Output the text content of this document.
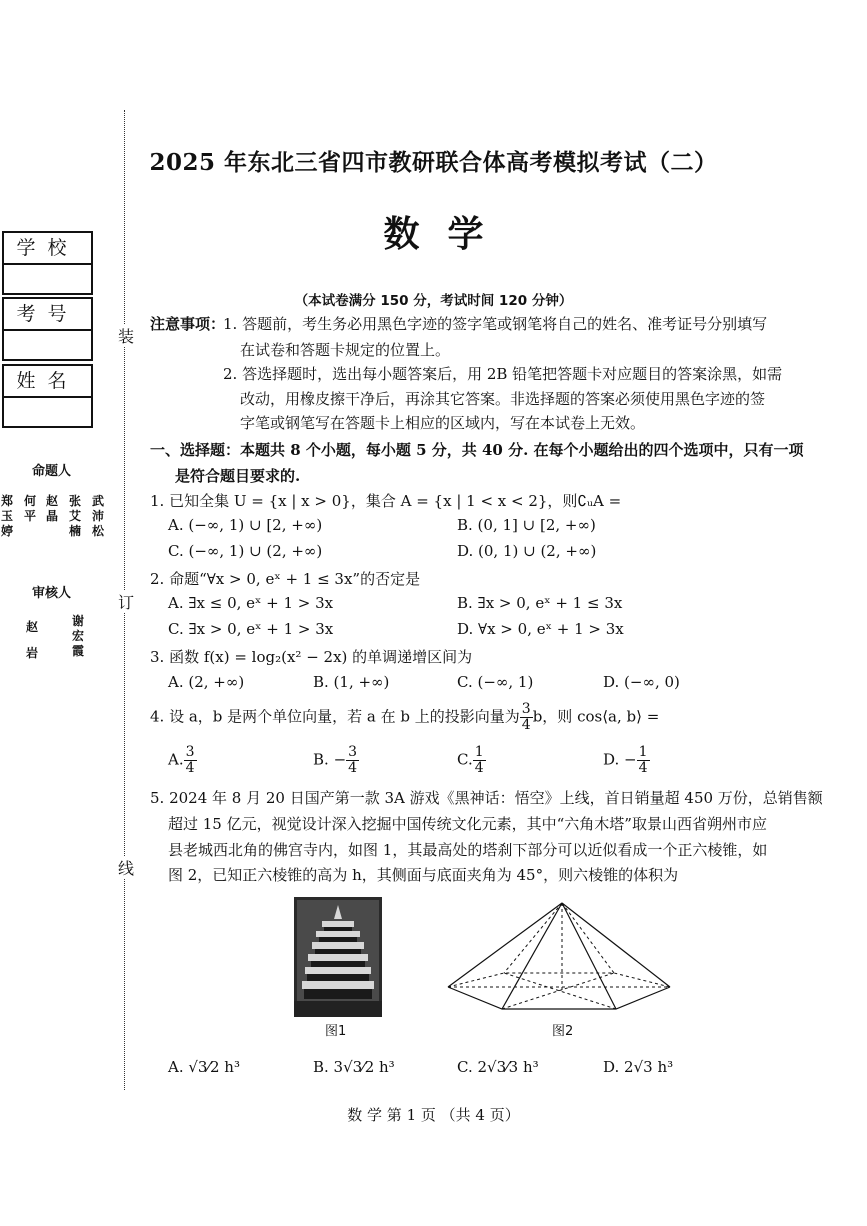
学校
考号
姓名
命题人
郑玉婷
何平
赵晶
张艾楠
武沛松
审核人
赵岩
谢宏霞
装
订
线
2025 年东北三省四市教研联合体高考模拟考试（二）
数学
（本试卷满分 150 分，考试时间 120 分钟）
注意事项：
1. 答题前，考生务必用黑色字迹的签字笔或钢笔将自己的姓名、准考证号分别填写
在试卷和答题卡规定的位置上。
2. 答选择题时，选出每小题答案后，用 2B 铅笔把答题卡对应题目的答案涂黑，如需
改动，用橡皮擦干净后，再涂其它答案。非选择题的答案必须使用黑色字迹的签
字笔或钢笔写在答题卡上相应的区域内，写在本试卷上无效。
一、选择题：本题共 8 个小题，每小题 5 分，共 40 分. 在每个小题给出的四个选项中，只有一项
是符合题目要求的.
1. 已知全集 U = {x | x > 0}，集合 A = {x | 1 < x < 2}，则∁ᵤA =
A. (−∞, 1) ∪ [2, +∞)	B. (0, 1] ∪ [2, +∞)
C. (−∞, 1) ∪ (2, +∞)	D. (0, 1) ∪ (2, +∞)
2. 命题“∀x > 0, eˣ + 1 ≤ 3x”的否定是
A. ∃x ≤ 0, eˣ + 1 > 3x	B. ∃x > 0, eˣ + 1 ≤ 3x
C. ∃x > 0, eˣ + 1 > 3x	D. ∀x > 0, eˣ + 1 > 3x
3. 函数 f(x) = log₂(x² − 2x) 的单调递增区间为
A. (2, +∞)	B. (1, +∞)	C. (−∞, 1)	D. (−∞, 0)
4. 设 a，b 是两个单位向量，若 a 在 b 上的投影向量为 $\frac{3}{4}$ b，则 cos⟨a, b⟩ =
A. $\frac{3}{4}$	B. − $\frac{3}{4}$	C. $\frac{1}{4}$	D. − $\frac{1}{4}$
5. 2024 年 8 月 20 日国产第一款 3A 游戏《黑神话：悟空》上线，首日销量超 450 万份，总销售额
超过 15 亿元，视觉设计深入挖掘中国传统文化元素，其中“六角木塔”取景山西省朔州市应
县老城西北角的佛宫寺内，如图 1，其最高处的塔刹下部分可以近似看成一个正六棱锥，如
图 2，已知正六棱锥的高为 h，其侧面与底面夹角为 45°，则六棱锥的体积为
图1	图2
A. √3⁄2 h³	B. 3√3⁄2 h³	C. 2√3⁄3 h³	D. 2√3 h³
数 学 第 1 页 （共 4 页）
